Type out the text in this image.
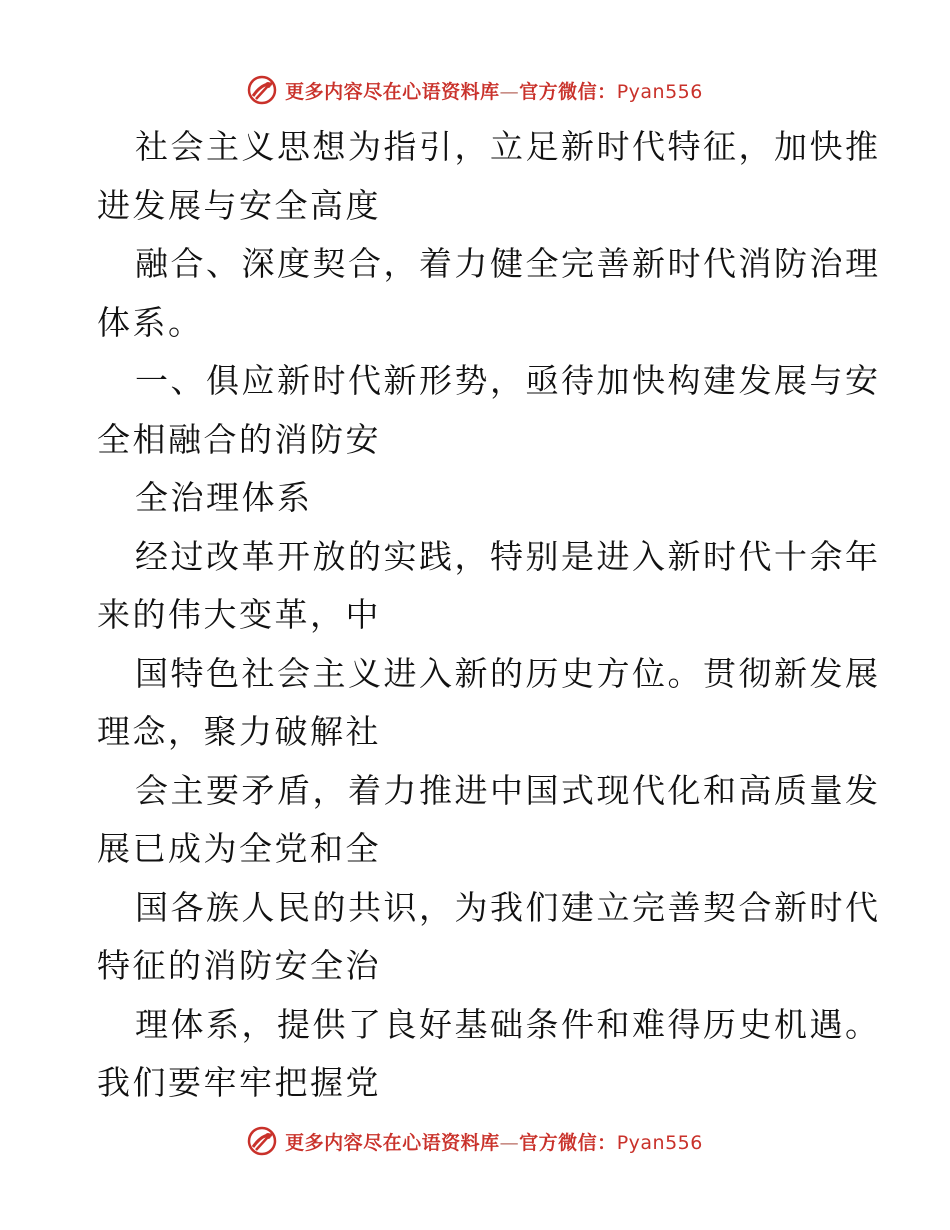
更多内容尽在心语资料库—官方微信：Pyan556

社会主义思想为指引，立足新时代特征，加快推
进发展与安全高度

融合、深度契合，着力健全完善新时代消防治理
体系。

一、俱应新时代新形势，亟待加快构建发展与安
全相融合的消防安

全治理体系

经过改革开放的实践，特别是进入新时代十余年
来的伟大变革，中

国特色社会主义进入新的历史方位。贯彻新发展
理念，聚力破解社

会主要矛盾，着力推进中国式现代化和高质量发
展已成为全党和全

国各族人民的共识，为我们建立完善契合新时代
特征的消防安全治

理体系，提供了良好基础条件和难得历史机遇。
我们要牢牢把握党

更多内容尽在心语资料库—官方微信：Pyan556
